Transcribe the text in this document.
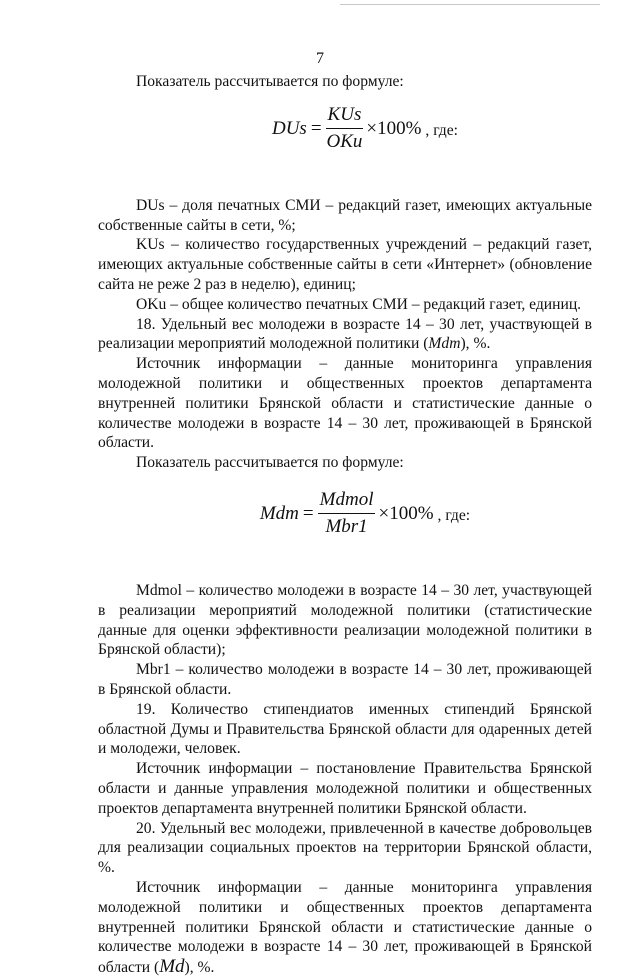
7

Показатель рассчитывается по формуле:

DUs = $\frac{\text{KUs}}{\text{OKu}} \times 100\%$ , где:

DUs – доля печатных СМИ – редакций газет, имеющих актуальные собственные сайты в сети, %;

KUs – количество государственных учреждений – редакций газет, имеющих актуальные собственные сайты в сети «Интернет» (обновление сайта не реже 2 раз в неделю), единиц;

OKu – общее количество печатных СМИ – редакций газет, единиц.

18. Удельный вес молодежи в возрасте 14 – 30 лет, участвующей в реализации мероприятий молодежной политики (Mdm), %.

Источник информации – данные мониторинга управления молодежной политики и общественных проектов департамента внутренней политики Брянской области и статистические данные о количестве молодежи в возрасте 14 – 30 лет, проживающей в Брянской области.

Показатель рассчитывается по формуле:

Mdm = $\frac{\text{Mdmol}}{\text{Mbr1}} \times 100\%$ , где:

Mdmol – количество молодежи в возрасте 14 – 30 лет, участвующей в реализации мероприятий молодежной политики (статистические данные для оценки эффективности реализации молодежной политики в Брянской области);

Mbr1 – количество молодежи в возрасте 14 – 30 лет, проживающей в Брянской области.

19. Количество стипендиатов именных стипендий Брянской областной Думы и Правительства Брянской области для одаренных детей и молодежи, человек.

Источник информации – постановление Правительства Брянской области и данные управления молодежной политики и общественных проектов департамента внутренней политики Брянской области.

20. Удельный вес молодежи, привлеченной в качестве добровольцев для реализации социальных проектов на территории Брянской области, %.

Источник информации – данные мониторинга управления молодежной политики и общественных проектов департамента внутренней политики Брянской области и статистические данные о количестве молодежи в возрасте 14 – 30 лет, проживающей в Брянской области (Md), %.
